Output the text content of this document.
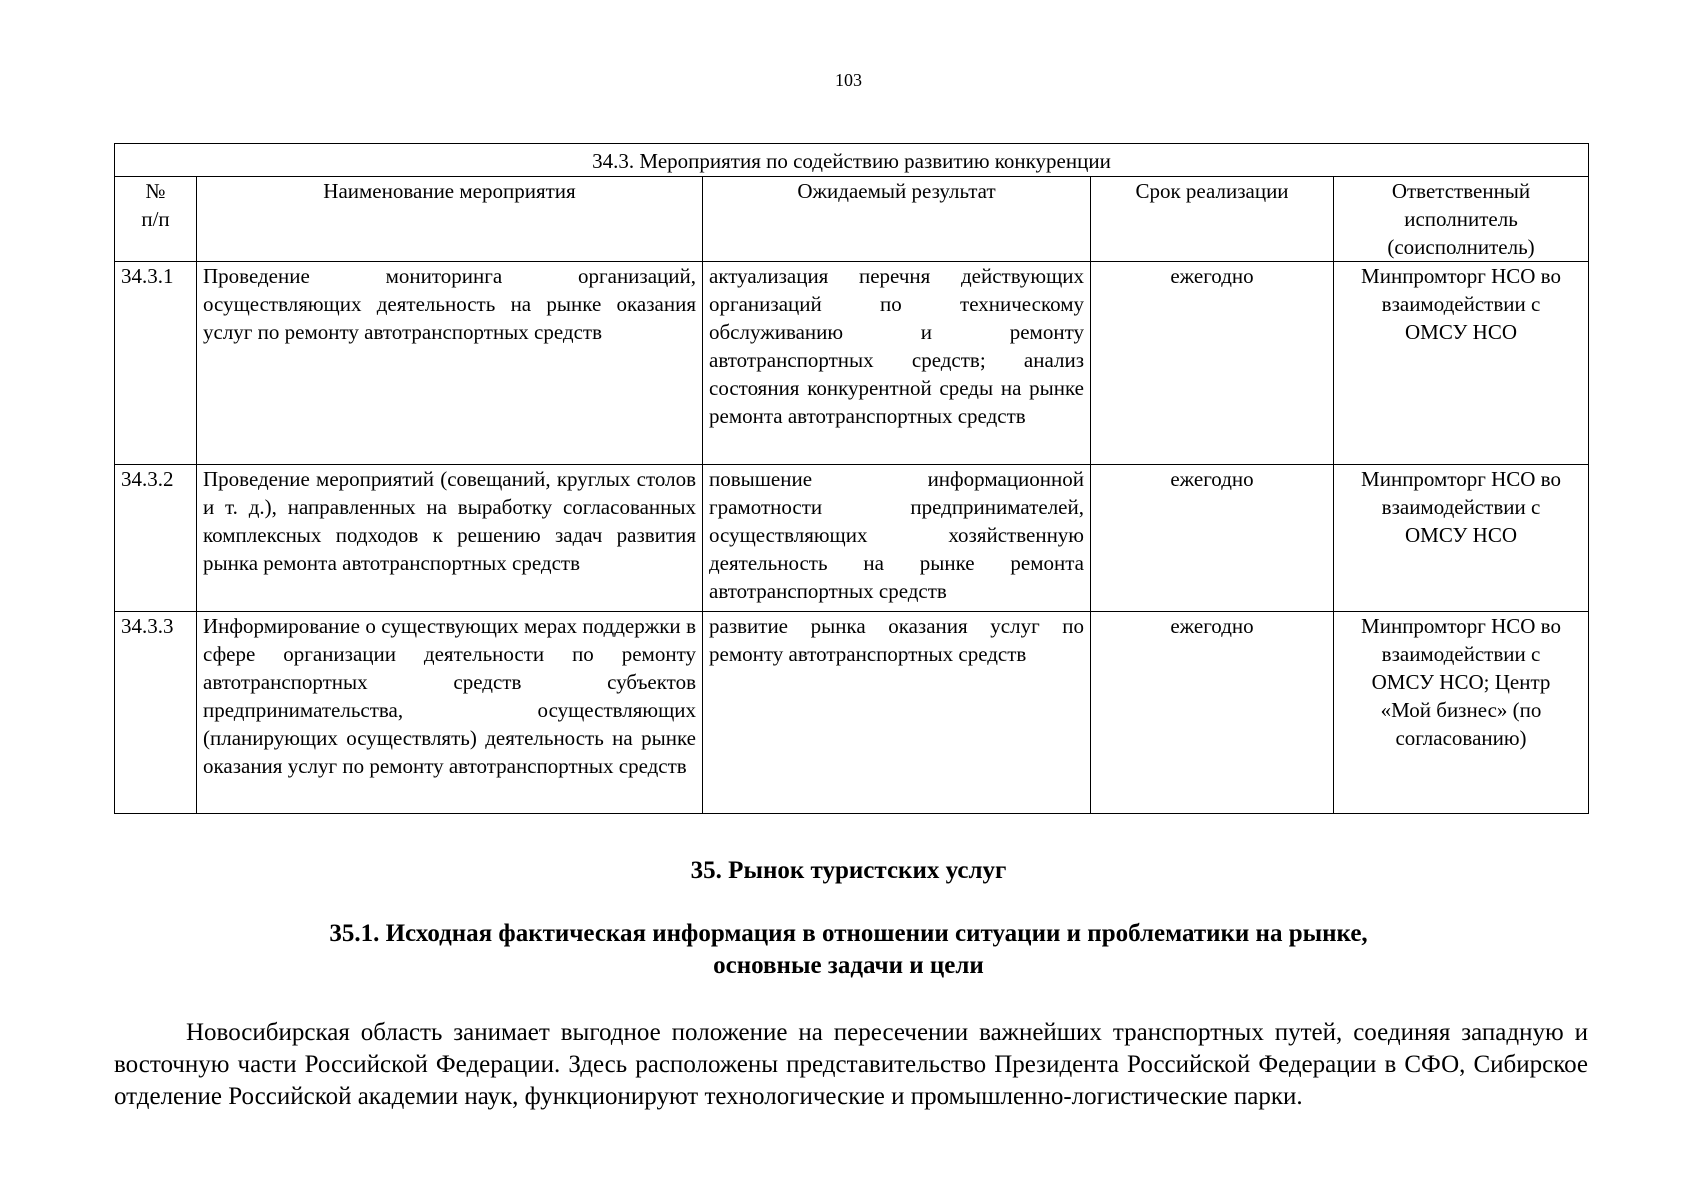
103
34.3. Мероприятия по содействию развитию конкуренции				

№ п/п	Наименование мероприятия	Ожидаемый результат	Срок реализации	Ответственный исполнитель (соисполнитель)

34.3.1	Проведение мониторинга организаций, осуществляющих деятельность на рынке оказания услуг по ремонту автотранспортных средств	актуализация перечня действующих организаций по техническому обслуживанию и ремонту автотранспортных средств; анализ состояния конкурентной среды на рынке ремонта автотранспортных средств	ежегодно	Минпромторг НСО во взаимодействии с ОМСУ НСО

34.3.2	Проведение мероприятий (совещаний, круглых столов и т. д.), направленных на выработку согласованных комплексных подходов к решению задач развития рынка ремонта автотранспортных средств	повышение информационной грамотности предпринимателей, осуществляющих хозяйственную деятельность на рынке ремонта автотранспортных средств	ежегодно	Минпромторг НСО во взаимодействии с ОМСУ НСО

34.3.3	Информирование о существующих мерах поддержки в сфере организации деятельности по ремонту автотранспортных средств субъектов предпринимательства, осуществляющих (планирующих осуществлять) деятельность на рынке оказания услуг по ремонту автотранспортных средств	развитие рынка оказания услуг по ремонту автотранспортных средств	ежегодно	Минпромторг НСО во взаимодействии с ОМСУ НСО; Центр «Мой бизнес» (по согласованию)
35. Рынок туристских услуг
35.1. Исходная фактическая информация в отношении ситуации и проблематики на рынке,
основные задачи и цели

Новосибирская область занимает выгодное положение на пересечении важнейших транспортных путей, соединяя западную и восточную части Российской Федерации. Здесь расположены представительство Президента Российской Федерации в СФО, Сибирское отделение Российской академии наук, функционируют технологические и промышленно-логистические парки.
